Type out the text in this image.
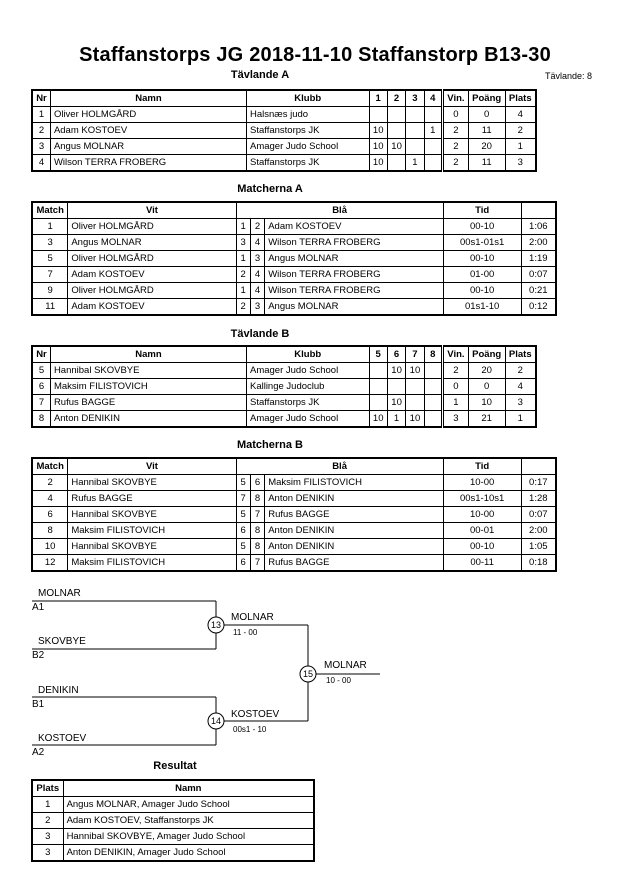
Staffanstorps JG 2018-11-10 Staffanstorp B13-30
Tävlande A	Tävlande: 8
Nr	Namn	Klubb	1	2	3	4	Vin.	Poäng	Plats
1	Oliver HOLMGÅRD	Halsnæs judo					0	0	4
2	Adam KOSTOEV	Staffanstorps JK	10			1	2	11	2
3	Angus MOLNAR	Amager Judo School	10	10			2	20	1
4	Wilson TERRA FROBERG	Staffanstorps JK	10		1		2	11	3
Matcherna A
Match	Vit	Blå			Tid	
1	Oliver HOLMGÅRD	1	2	Adam KOSTOEV	00-10	1:06
3	Angus MOLNAR	3	4	Wilson TERRA FROBERG	00s1-01s1	2:00
5	Oliver HOLMGÅRD	1	3	Angus MOLNAR	00-10	1:19
7	Adam KOSTOEV	2	4	Wilson TERRA FROBERG	01-00	0:07
9	Oliver HOLMGÅRD	1	4	Wilson TERRA FROBERG	00-10	0:21
11	Adam KOSTOEV	2	3	Angus MOLNAR	01s1-10	0:12
Tävlande B
Nr	Namn	Klubb	5	6	7	8	Vin.	Poäng	Plats
5	Hannibal SKOVBYE	Amager Judo School		10	10		2	20	2
6	Maksim FILISTOVICH	Kallinge Judoclub					0	0	4
7	Rufus BAGGE	Staffanstorps JK		10			1	10	3
8	Anton DENIKIN	Amager Judo School	10	1	10		3	21	1
Matcherna B
Match	Vit	Blå			Tid	
2	Hannibal SKOVBYE	5	6	Maksim FILISTOVICH	10-00	0:17
4	Rufus BAGGE	7	8	Anton DENIKIN	00s1-10s1	1:28
6	Hannibal SKOVBYE	5	7	Rufus BAGGE	10-00	0:07
8	Maksim FILISTOVICH	6	8	Anton DENIKIN	00-01	2:00
10	Hannibal SKOVBYE	5	8	Anton DENIKIN	00-10	1:05
12	Maksim FILISTOVICH	6	7	Rufus BAGGE	00-11	0:18
MOLNAR
A1
SKOVBYE
B2
DENIKIN
B1
KOSTOEV
A2
13
14
15
MOLNAR
11 - 00
KOSTOEV
00s1 - 10
MOLNAR
10 - 00
Resultat
Plats	Namn
1	Angus MOLNAR, Amager Judo School
2	Adam KOSTOEV, Staffanstorps JK
3	Hannibal SKOVBYE, Amager Judo School
3	Anton DENIKIN, Amager Judo School
